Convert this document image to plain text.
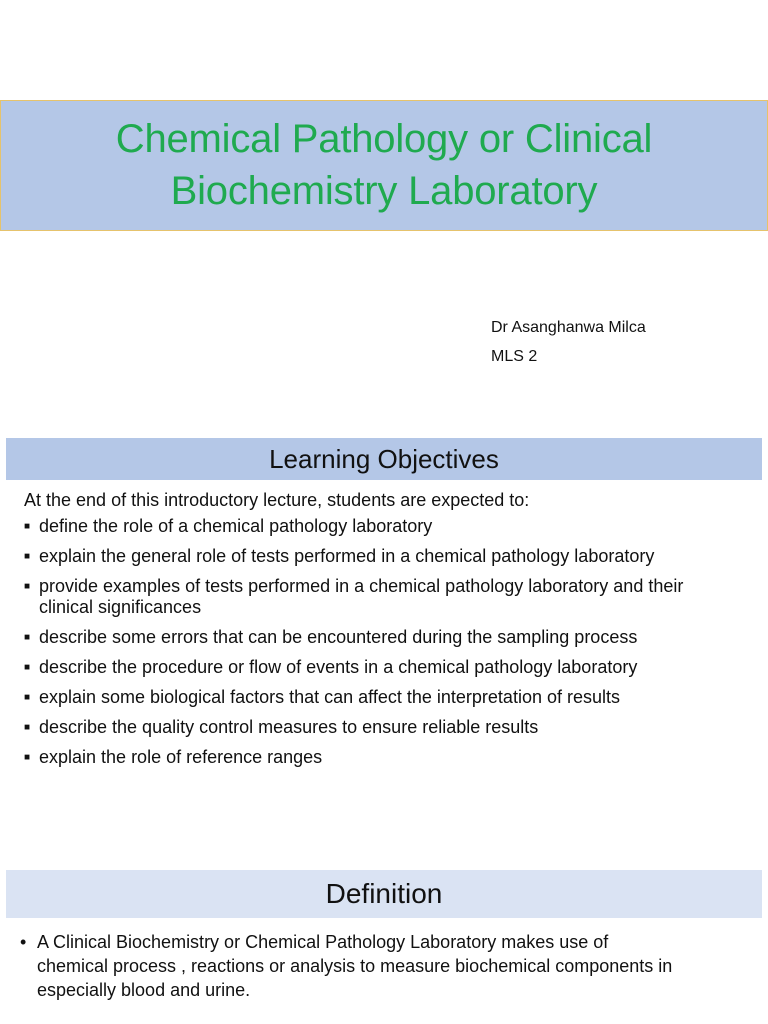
Chemical Pathology or Clinical
Biochemistry Laboratory
Dr Asanghanwa Milca
MLS 2
Learning Objectives
At the end of this introductory lecture, students are expected to:
■ define the role of a chemical pathology laboratory
■ explain the general role of tests performed in a chemical pathology laboratory
■ provide examples of tests performed in a chemical pathology laboratory and their clinical significances
■ describe some errors that can be encountered during the sampling process
■ describe the procedure or flow of events in a chemical pathology laboratory
■ explain some biological factors that can affect the interpretation of results
■ describe the quality control measures to ensure reliable results
■ explain the role of reference ranges
Definition
• A Clinical Biochemistry or Chemical Pathology Laboratory makes use of chemical process , reactions or analysis to measure biochemical components in especially blood and urine.
